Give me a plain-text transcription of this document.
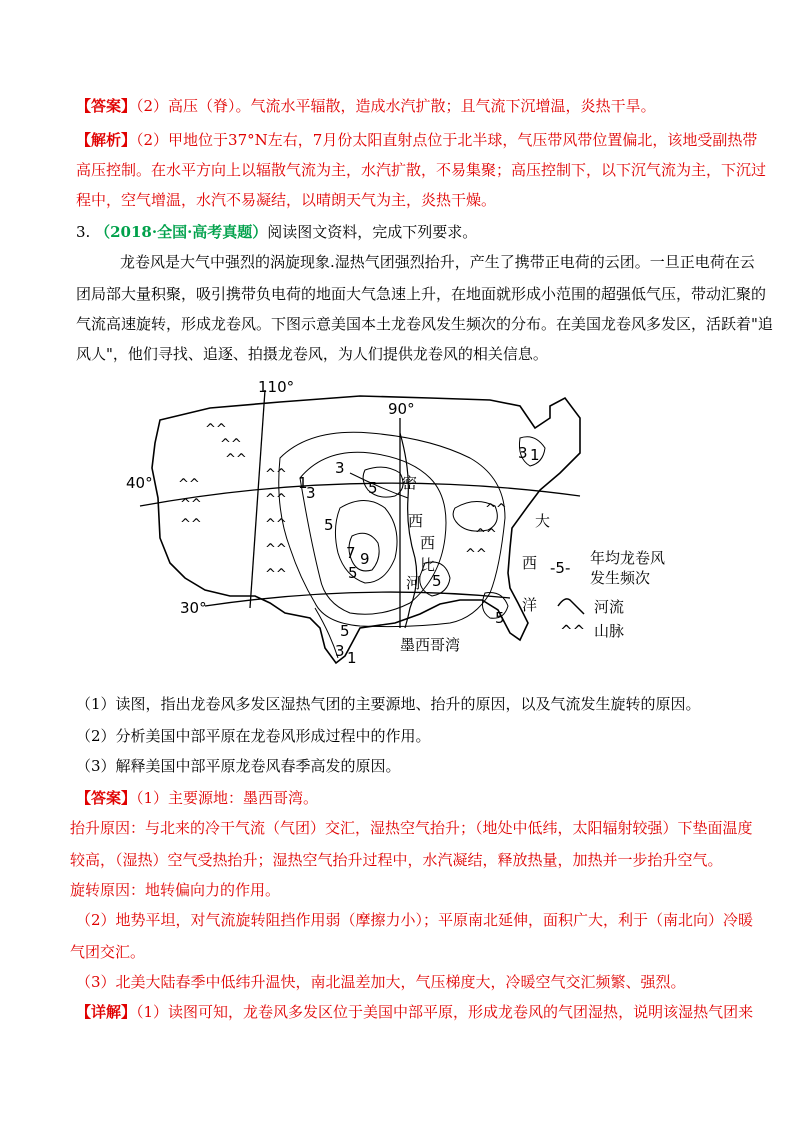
【答案】（2）高压（脊）。气流水平辐散，造成水汽扩散；且气流下沉增温，炎热干旱。
【解析】（2）甲地位于37°N左右，7月份太阳直射点位于北半球，气压带风带位置偏北，该地受副热带
高压控制。在水平方向上以辐散气流为主，水汽扩散，不易集聚；高压控制下，以下沉气流为主，下沉过
程中，空气增温，水汽不易凝结，以晴朗天气为主，炎热干燥。
3. （2018·全国·高考真题）阅读图文资料，完成下列要求。
龙卷风是大气中强烈的涡旋现象.湿热气团强烈抬升，产生了携带正电荷的云团。一旦正电荷在云
团局部大量积聚，吸引携带负电荷的地面大气急速上升，在地面就形成小范围的超强低气压，带动汇聚的
气流高速旋转，形成龙卷风。下图示意美国本土龙卷风发生频次的分布。在美国龙卷风多发区，活跃着"追
风人"，他们寻找、追逐、拍摄龙卷风，为人们提供龙卷风的相关信息。
^^
^^
^^
^^
^^
^^
^^
^^
^^
^^
^^
^^
^^
^^
110°
90°
40°
30°
3
1
3	5
5
7 9
5
5
3 1
3 1
5
5
密
西
西
比
河
大
西
洋
墨西哥湾
-5-
年均龙卷风
发生频次
河流
^^ 山脉
（1）读图，指出龙卷风多发区湿热气团的主要源地、抬升的原因，以及气流发生旋转的原因。
（2）分析美国中部平原在龙卷风形成过程中的作用。
（3）解释美国中部平原龙卷风春季高发的原因。
【答案】（1）主要源地：墨西哥湾。
抬升原因：与北来的冷干气流（气团）交汇，湿热空气抬升；（地处中低纬，太阳辐射较强）下垫面温度
较高，（湿热）空气受热抬升；湿热空气抬升过程中，水汽凝结，释放热量，加热并一步抬升空气。
旋转原因：地转偏向力的作用。
（2）地势平坦，对气流旋转阻挡作用弱（摩擦力小）；平原南北延伸，面积广大，利于（南北向）冷暖
气团交汇。
（3）北美大陆春季中低纬升温快，南北温差加大，气压梯度大，冷暖空气交汇频繁、强烈。
【详解】（1）读图可知，龙卷风多发区位于美国中部平原，形成龙卷风的气团湿热，说明该湿热气团来
